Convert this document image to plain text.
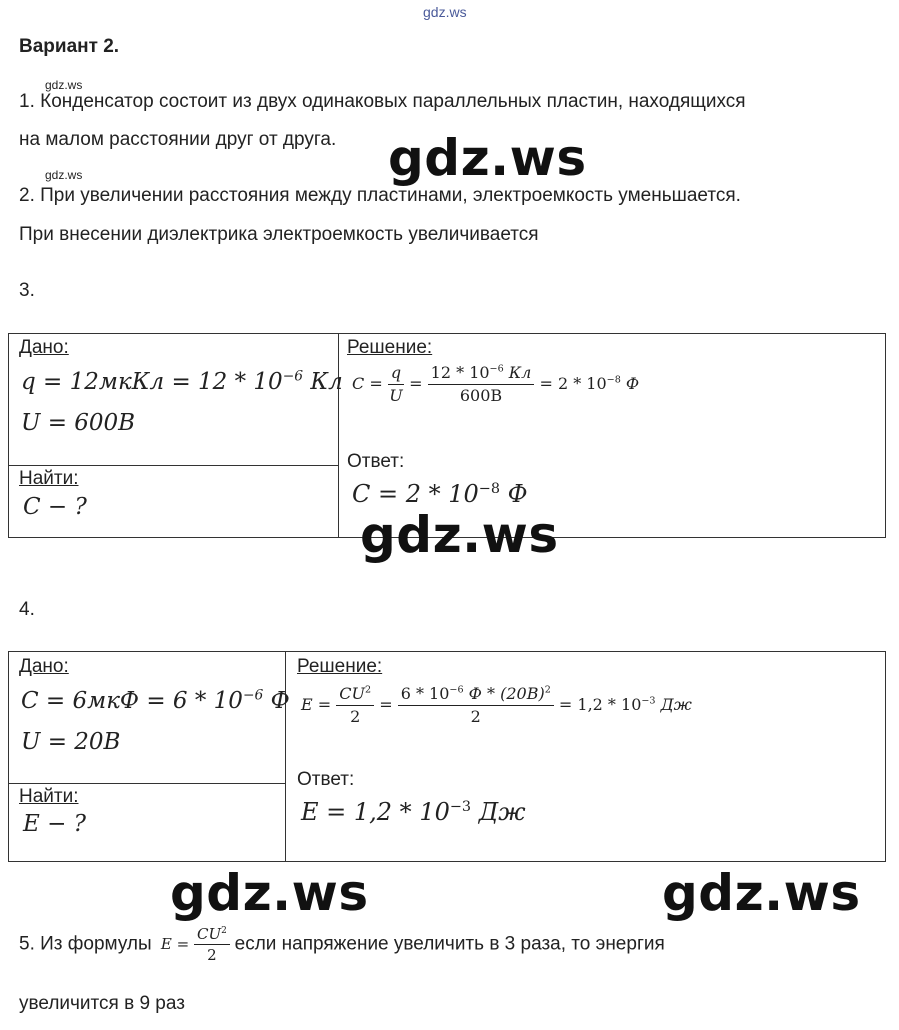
gdz.ws
Вариант 2.
gdz.ws
1. Конденсатор состоит из двух одинаковых параллельных пластин, находящихся
на малом расстоянии друг от друга. gdz.ws
gdz.ws
2. При увеличении расстояния между пластинами, электроемкость уменьшается.
При внесении диэлектрика электроемкость увеличивается
3.
Дано:
q = 12мкКл = $12 * 10^{-6}$ Кл
U = 600В
Найти:
C − ?
Решение:
$C = \frac{q}{U} = \frac{12 * 10^{-6} Кл}{600В} = 2 * 10^{-8}$ Ф
Ответ:
$C = 2 * 10^{-8}$ Ф
gdz.ws
4.
Дано:
$C = 6мкФ = 6 * 10^{-6}$ Ф
U = 20В
Найти:
E − ?
Решение:
$E = \frac{CU^2}{2} = \frac{6 * 10^{-6} Ф * (20В)^2}{2} = 1,2 * 10^{-3}$ Дж
Ответ:
$E = 1,2 * 10^{-3}$ Дж
gdz.ws	gdz.ws
5. Из формулы $E = \frac{CU^2}{2}$ если напряжение увеличить в 3 раза, то энергия
увеличится в 9 раз
